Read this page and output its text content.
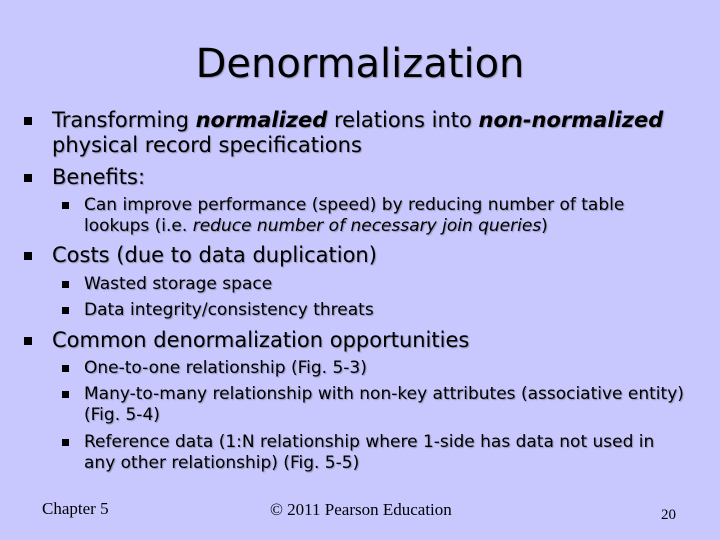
Denormalization
Transforming normalized relations into non-normalized physical record specifications
Benefits:
Can improve performance (speed) by reducing number of table lookups (i.e. reduce number of necessary join queries)
Costs (due to data duplication)
Wasted storage space
Data integrity/consistency threats
Common denormalization opportunities
One-to-one relationship (Fig. 5-3)
Many-to-many relationship with non-key attributes (associative entity) (Fig. 5-4)
Reference data (1:N relationship where 1-side has data not used in any other relationship) (Fig. 5-5)
Chapter 5	© 2011 Pearson Education	20
